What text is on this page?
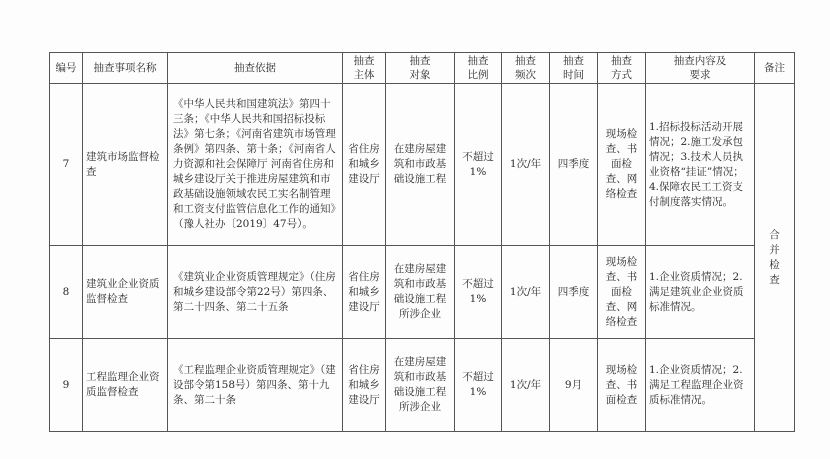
编号	抽查事项名称	抽查依据	抽查主体	抽查对象	抽查比例	抽查频次	抽查时间	抽查方式	抽查内容及要求	备注
7	建筑市场监督检查	《中华人民共和国建筑法》第四十三条；《中华人民共和国招标投标法》第七条；《河南省建筑市场管理条例》第四条、第十条；《河南省人力资源和社会保障厅 河南省住房和城乡建设厅关于推进房屋建筑和市政基础设施领域农民工实名制管理和工资支付监管信息化工作的通知》（豫人社办〔2019〕47号）。	省住房和城乡建设厅	在建房屋建筑和市政基础设施工程	不超过1%	1次/年	四季度	现场检查、书面检查、网络检查	1.招标投标活动开展情况；2.施工发承包情况；3.技术人员执业资格“挂证”情况；4.保障农民工工资支付制度落实情况。	合并检查

8	建筑业企业资质监督检查	《建筑业企业资质管理规定》（住房和城乡建设部令第22号）第四条、第二十四条、第二十五条	省住房和城乡建设厅	在建房屋建筑和市政基础设施工程所涉企业	不超过1%	1次/年	四季度	现场检查、书面检查、网络检查	1.企业资质情况；2.满足建筑业企业资质标准情况。	
9	工程监理企业资质监督检查	《工程监理企业资质管理规定》（建设部令第158号）第四条、第十九条、第二十条	省住房和城乡建设厅	在建房屋建筑和市政基础设施工程所涉企业	不超过1%	1次/年	9月	现场检查、书面检查	1.企业资质情况；2.满足工程监理企业资质标准情况。	
